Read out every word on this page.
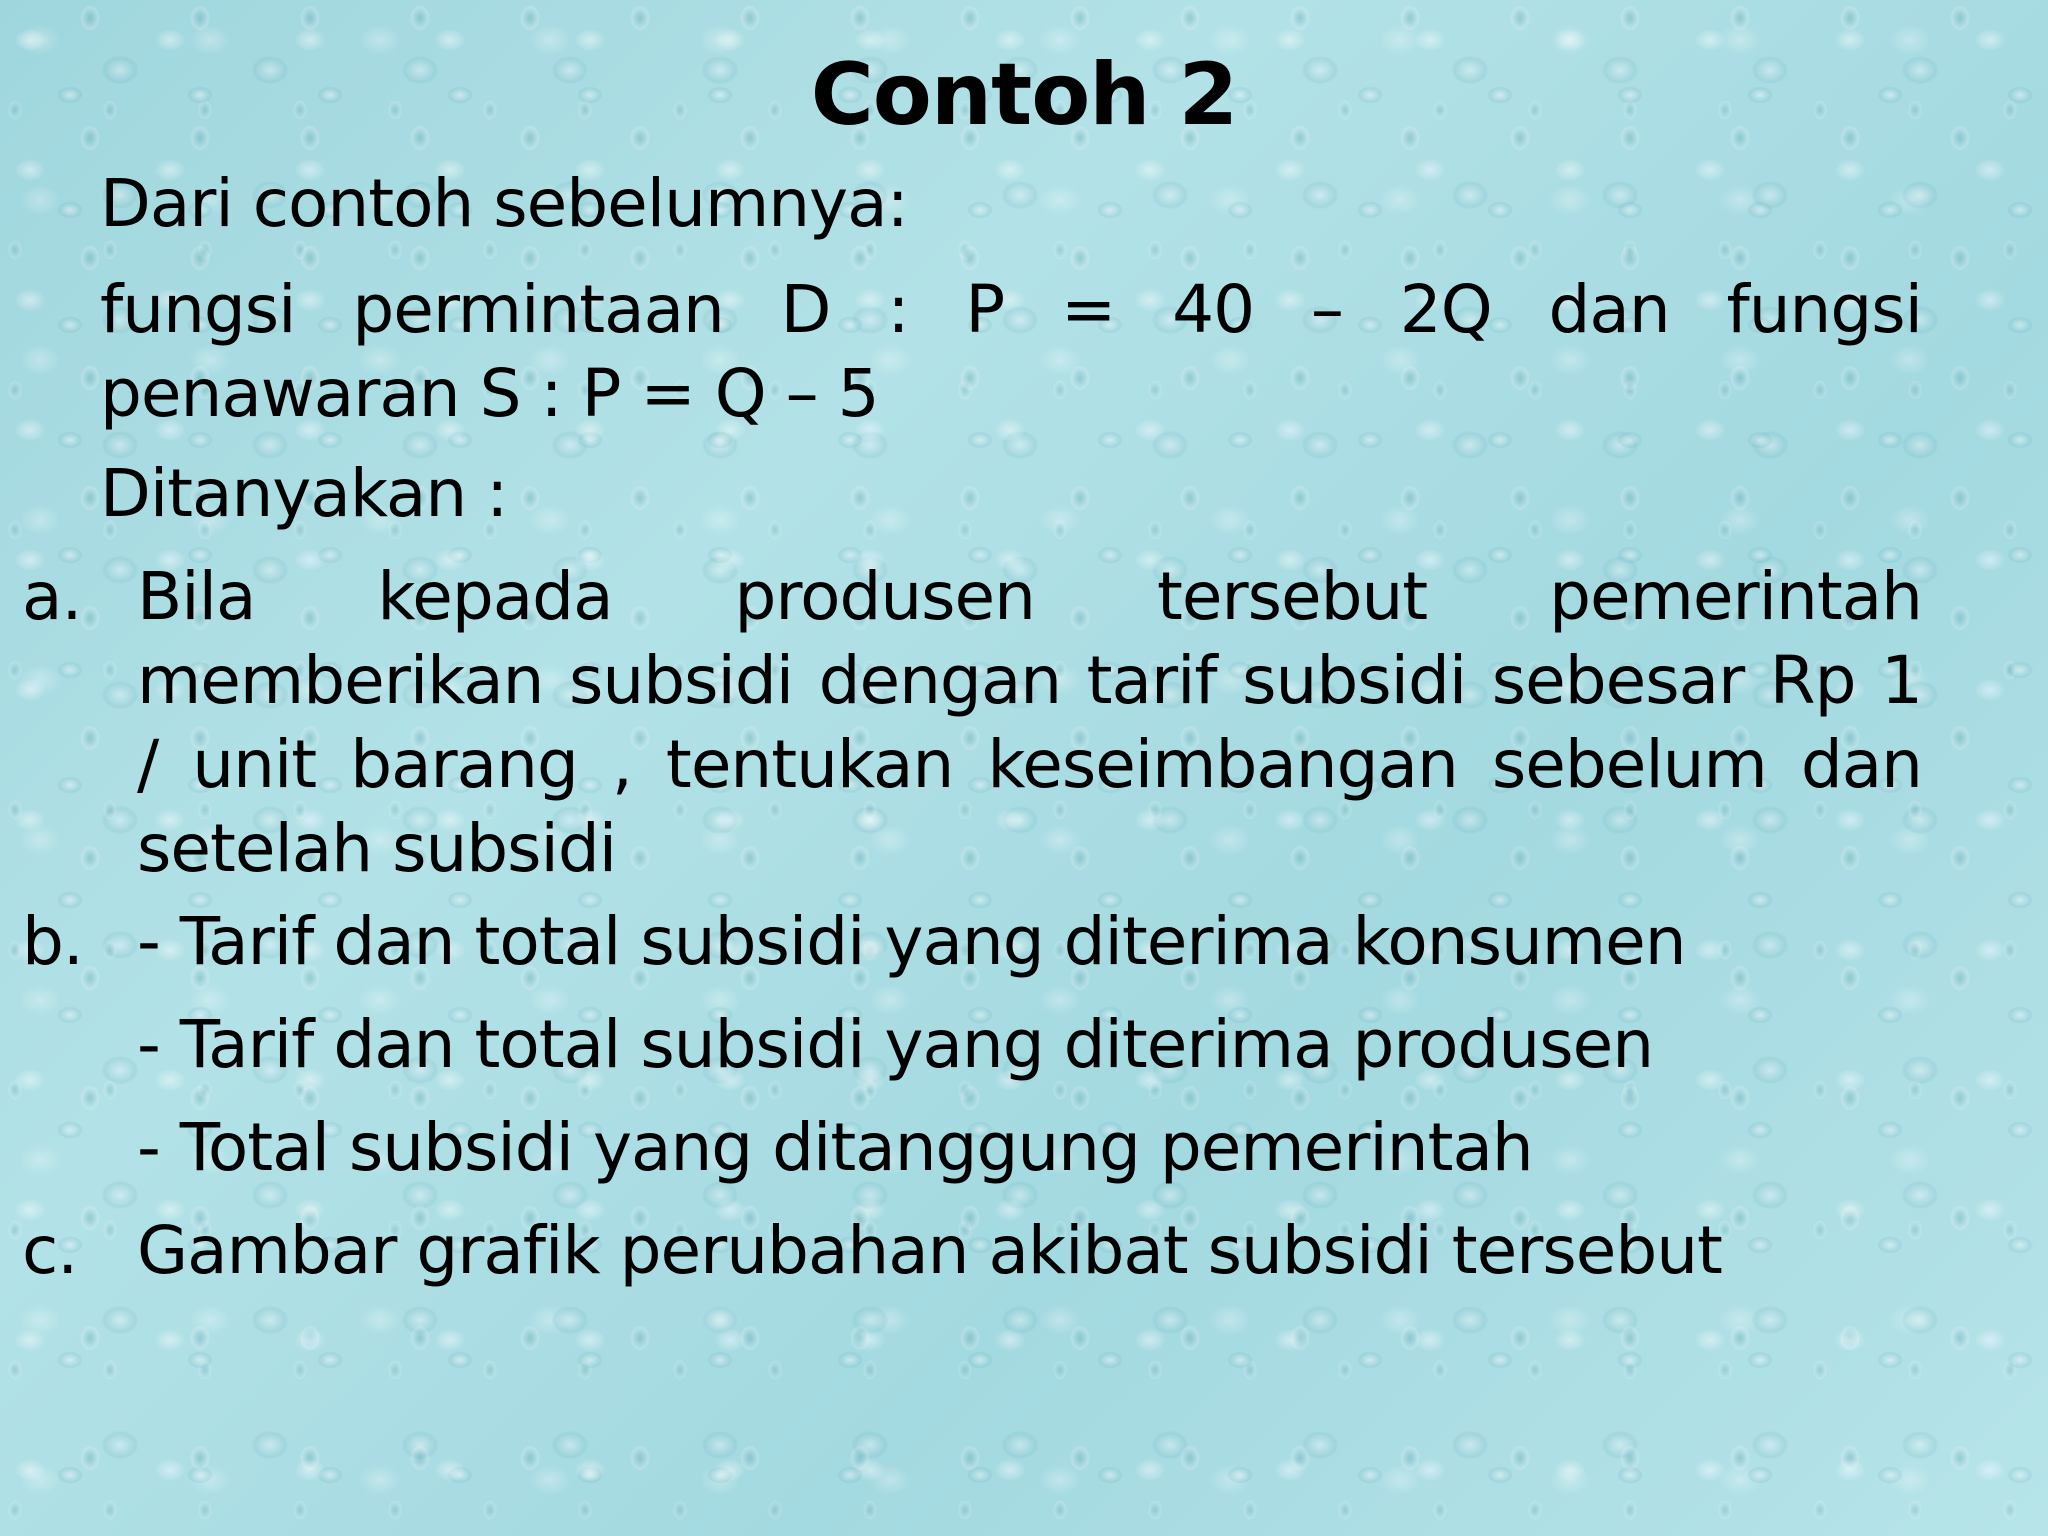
Contoh 2

Dari contoh sebelumnya:

fungsi permintaan D : P = 40 – 2Q dan fungsi penawaran S : P = Q – 5

Ditanyakan :

a. Bila kepada produsen tersebut pemerintah memberikan subsidi dengan tarif subsidi sebesar Rp 1 / unit barang , tentukan keseimbangan sebelum dan setelah subsidi

b. - Tarif dan total subsidi yang diterima konsumen

- Tarif dan total subsidi yang diterima produsen

- Total subsidi yang ditanggung pemerintah

c. Gambar grafik perubahan akibat subsidi tersebut
